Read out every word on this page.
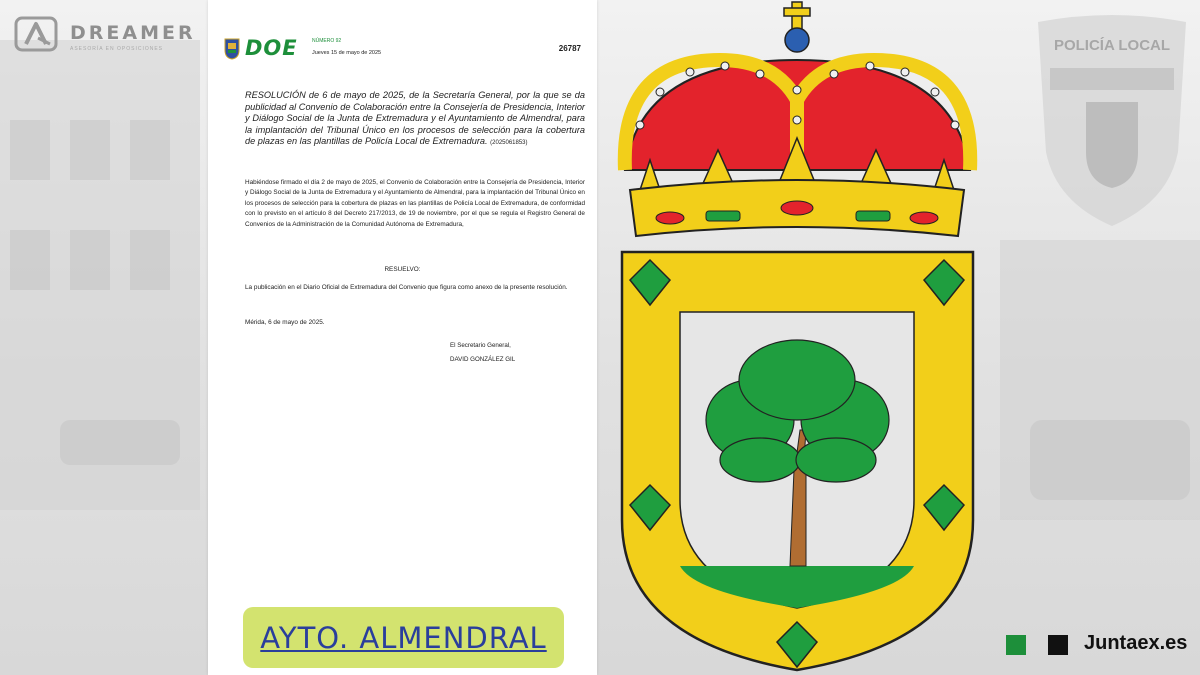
DREAMER
ASESORÍA EN OPOSICIONES	DOE	NÚMERO 92
Jueves 15 de mayo de 2025	26787
RESOLUCIÓN de 6 de mayo de 2025, de la Secretaría General, por la que se da publicidad al Convenio de Colaboración entre la Consejería de Presidencia, Interior y Diálogo Social de la Junta de Extremadura y el Ayuntamiento de Almendral, para la implantación del Tribunal Único en los procesos de selección para la cobertura de plazas en las plantillas de Policía Local de Extremadura. (2025061853)
Habiéndose firmado el día 2 de mayo de 2025, el Convenio de Colaboración entre la Consejería de Presidencia, Interior y Diálogo Social de la Junta de Extremadura y el Ayuntamiento de Almendral, para la implantación del Tribunal Único en los procesos de selección para la cobertura de plazas en las plantillas de Policía Local de Extremadura, de conformidad con lo previsto en el artículo 8 del Decreto 217/2013, de 19 de noviembre, por el que se regula el Registro General de Convenios de la Administración de la Comunidad Autónoma de Extremadura,
RESUELVO:
La publicación en el Diario Oficial de Extremadura del Convenio que figura como anexo de la presente resolución.
Mérida, 6 de mayo de 2025.
El Secretario General,
DAVID GONZÁLEZ GIL
AYTO. ALMENDRAL
POLICÍA LOCAL
Juntaex.es
